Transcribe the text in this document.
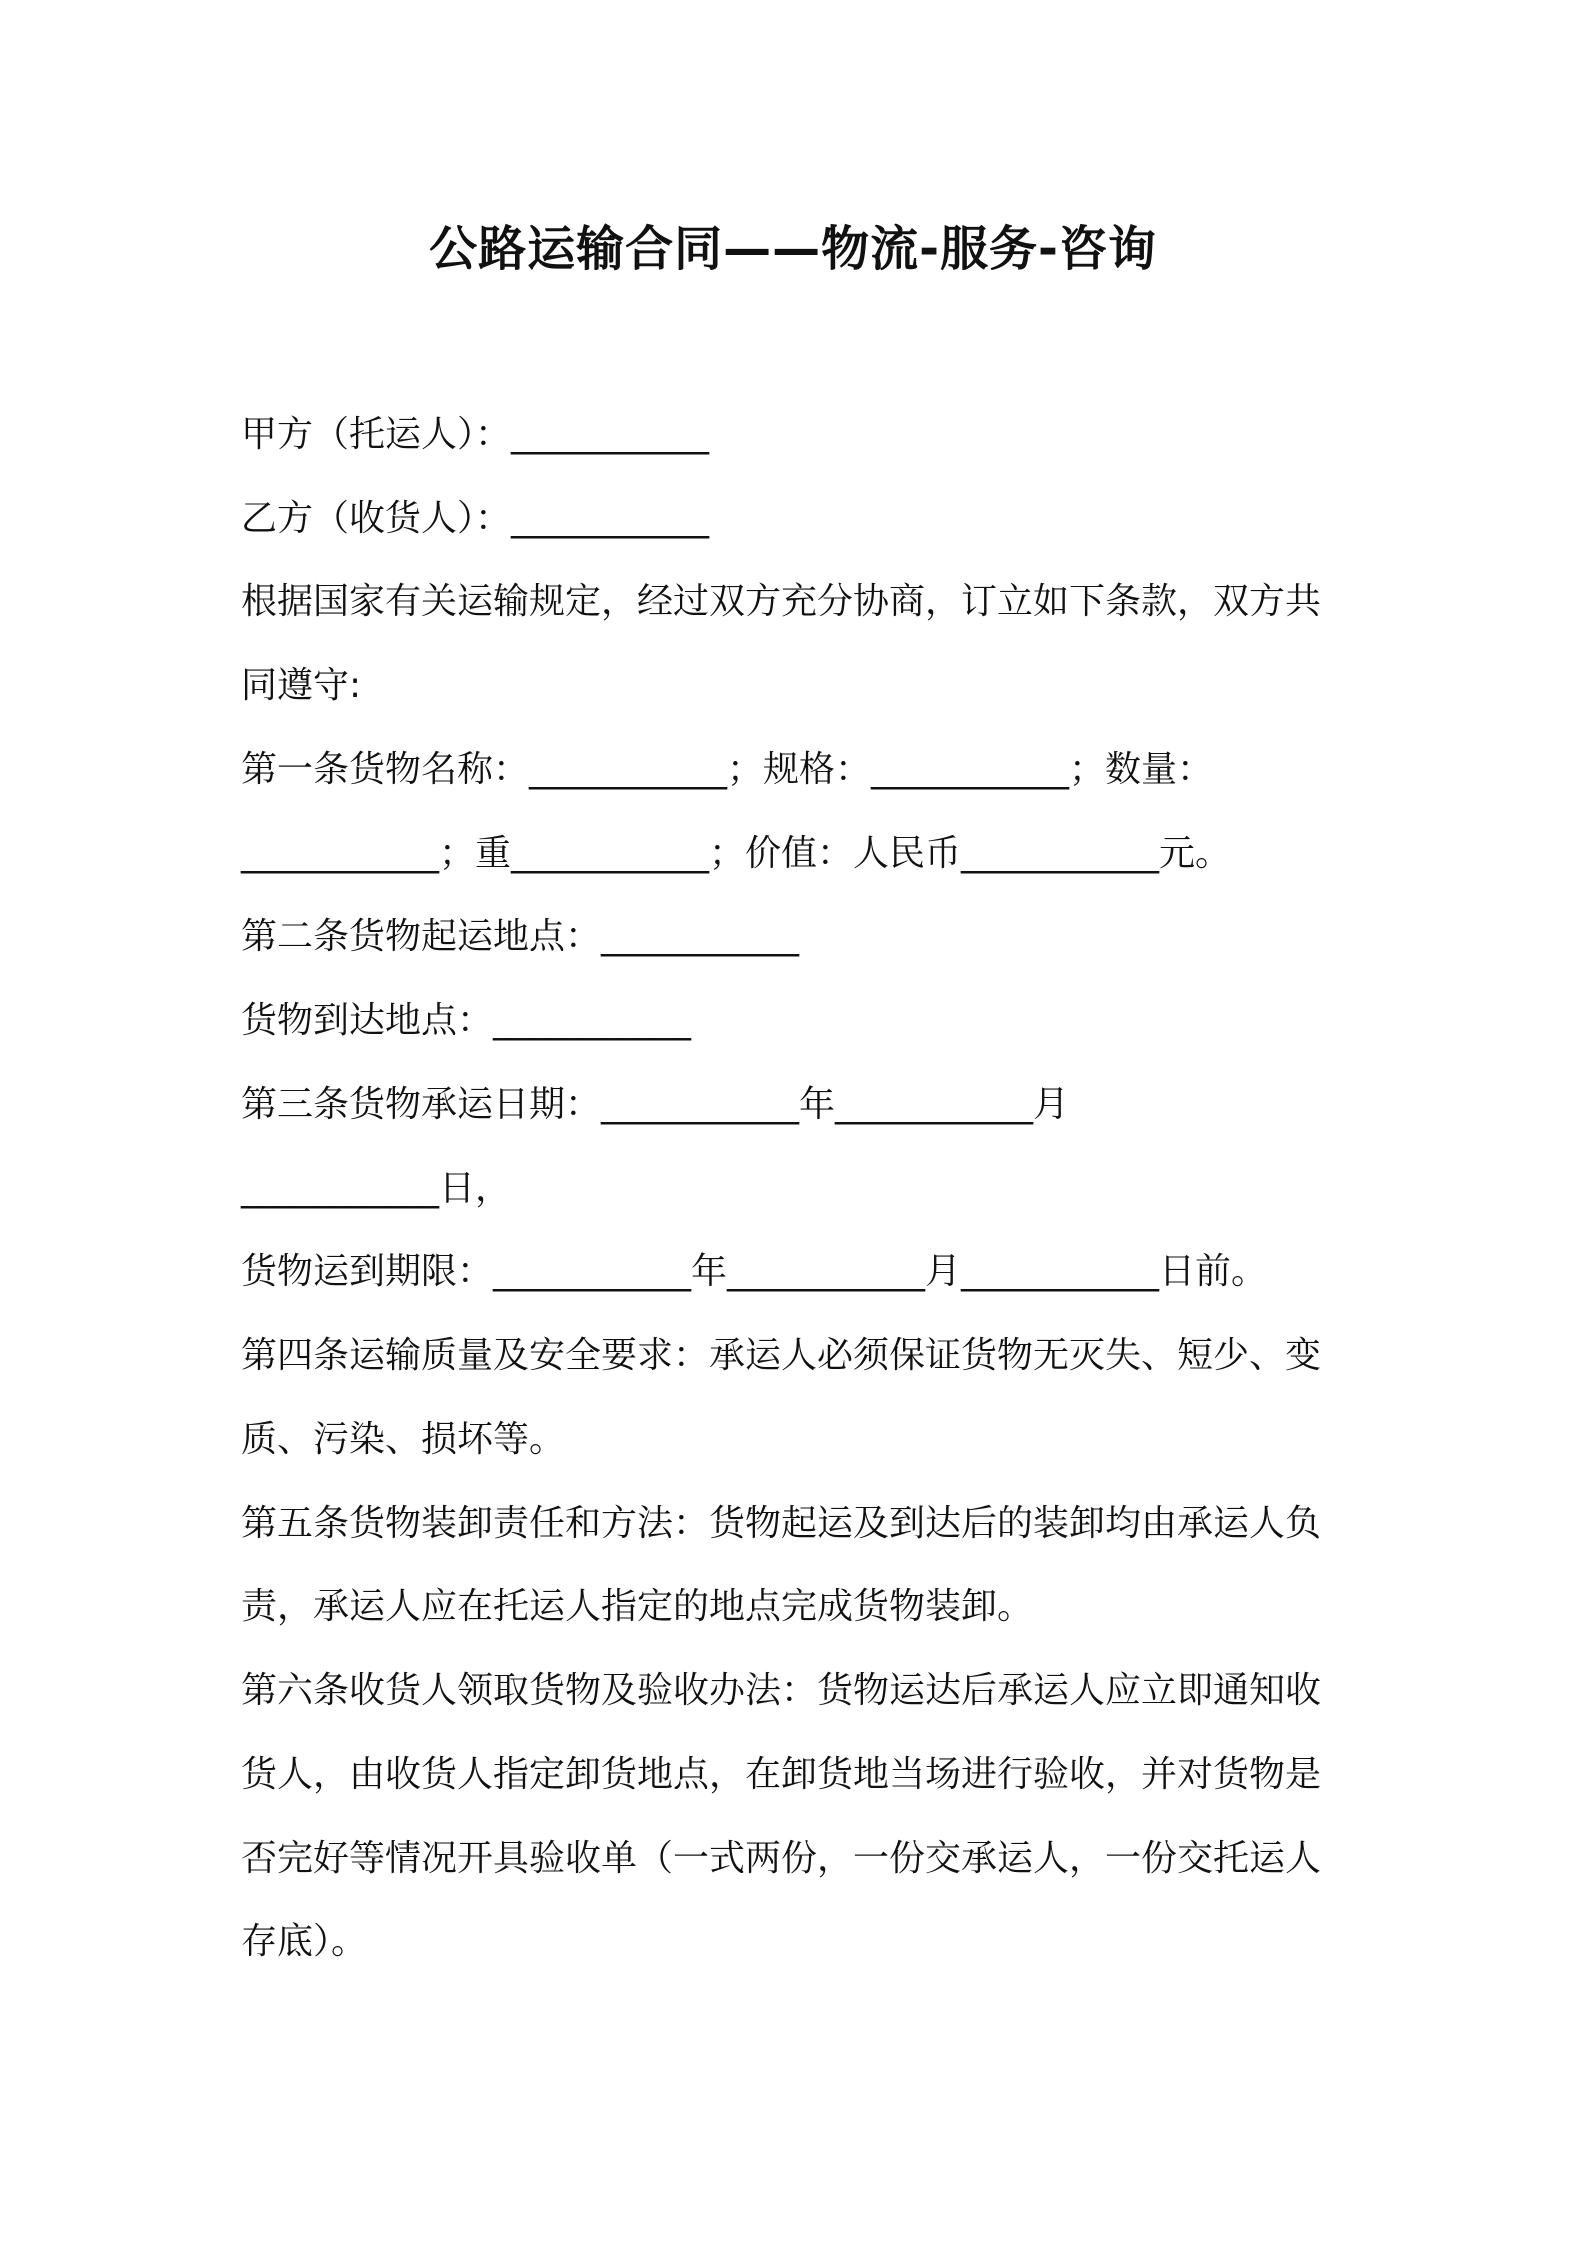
公路运输合同——物流-服务-咨询

甲方（托运人）：___________

乙方（收货人）：___________

根据国家有关运输规定，经过双方充分协商，订立如下条款，双方共

同遵守:

第一条货物名称：___________；规格：___________；数量：

___________；重___________；价值：人民币___________元。

第二条货物起运地点：___________

货物到达地点：___________

第三条货物承运日期：___________年___________月

___________日，

货物运到期限：___________年___________月___________日前。

第四条运输质量及安全要求：承运人必须保证货物无灭失、短少、变

质、污染、损坏等。

第五条货物装卸责任和方法：货物起运及到达后的装卸均由承运人负

责，承运人应在托运人指定的地点完成货物装卸。

第六条收货人领取货物及验收办法：货物运达后承运人应立即通知收

货人，由收货人指定卸货地点，在卸货地当场进行验收，并对货物是

否完好等情况开具验收单（一式两份，一份交承运人，一份交托运人

存底）。
